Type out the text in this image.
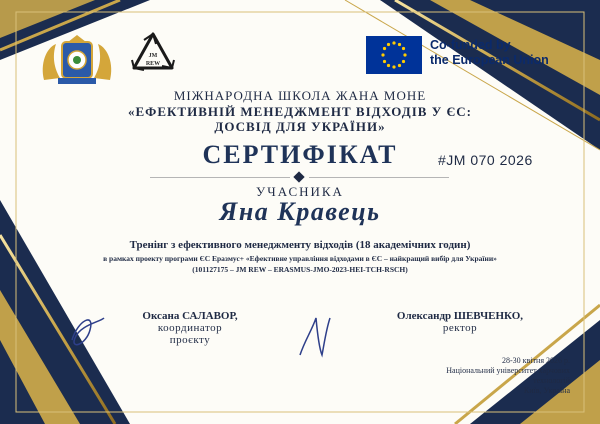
JM
REW
Co-funded by
the European Union
МІЖНАРОДНА ШКОЛА ЖАНА МОНЕ
«ЕФЕКТИВНІЙ МЕНЕДЖМЕНТ ВІДХОДІВ У ЄС:
ДОСВІД ДЛЯ УКРАЇНИ»
СЕРТИФІКАТ	#JM 070 2026
УЧАСНИКА
Яна Кравець
Тренінг з ефективного менеджменту відходів (18 академічних годин)
в рамках проекту програми ЄС Еразмус+ «Ефективне управління відходами в ЄС – найкращий вибір для України»
(101127175 – JM REW – ERASMUS-JMO-2023-HEI-TCH-RSCH)
Оксана САЛАВОР,
координатор
проєкту
Олександр ШЕВЧЕНКО,
ректор
28-30 квітня 2026 р.
Національний університет харчових
технологій
Київ, Україна
